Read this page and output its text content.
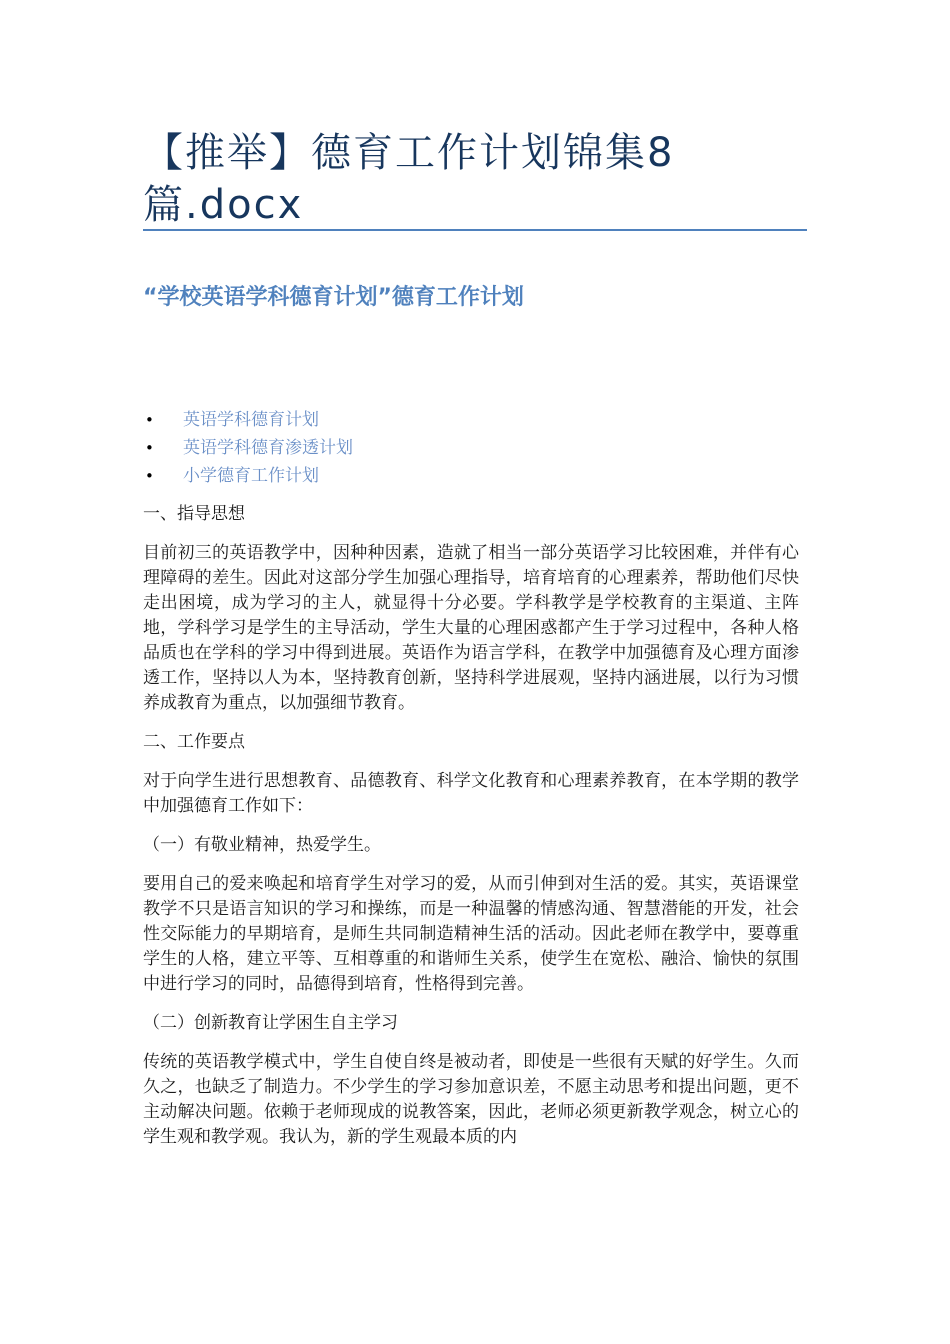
【推举】德育工作计划锦集8篇.docx
“学校英语学科德育计划”德育工作计划
• 英语学科德育计划
• 英语学科德育渗透计划
• 小学德育工作计划

一、指导思想

目前初三的英语教学中，因种种因素，造就了相当一部分英语学习比较困难，并伴有心理障碍的差生。因此对这部分学生加强心理指导，培育培育的心理素养，帮助他们尽快走出困境，成为学习的主人，就显得十分必要。学科教学是学校教育的主渠道、主阵地，学科学习是学生的主导活动，学生大量的心理困惑都产生于学习过程中，各种人格品质也在学科的学习中得到进展。英语作为语言学科，在教学中加强德育及心理方面渗透工作，坚持以人为本，坚持教育创新，坚持科学进展观，坚持内涵进展，以行为习惯养成教育为重点，以加强细节教育。

二、工作要点

对于向学生进行思想教育、品德教育、科学文化教育和心理素养教育，在本学期的教学中加强德育工作如下：

（一）有敬业精神，热爱学生。

要用自己的爱来唤起和培育学生对学习的爱，从而引伸到对生活的爱。其实，英语课堂教学不只是语言知识的学习和操练，而是一种温馨的情感沟通、智慧潜能的开发，社会性交际能力的早期培育，是师生共同制造精神生活的活动。因此老师在教学中，要尊重学生的人格，建立平等、互相尊重的和谐师生关系，使学生在宽松、融洽、愉快的氛围中进行学习的同时，品德得到培育，性格得到完善。

（二）创新教育让学困生自主学习

传统的英语教学模式中，学生自使自终是被动者，即使是一些很有天赋的好学生。久而久之，也缺乏了制造力。不少学生的学习参加意识差，不愿主动思考和提出问题，更不主动解决问题。依赖于老师现成的说教答案，因此，老师必须更新教学观念，树立心的学生观和教学观。我认为，新的学生观最本质的内
